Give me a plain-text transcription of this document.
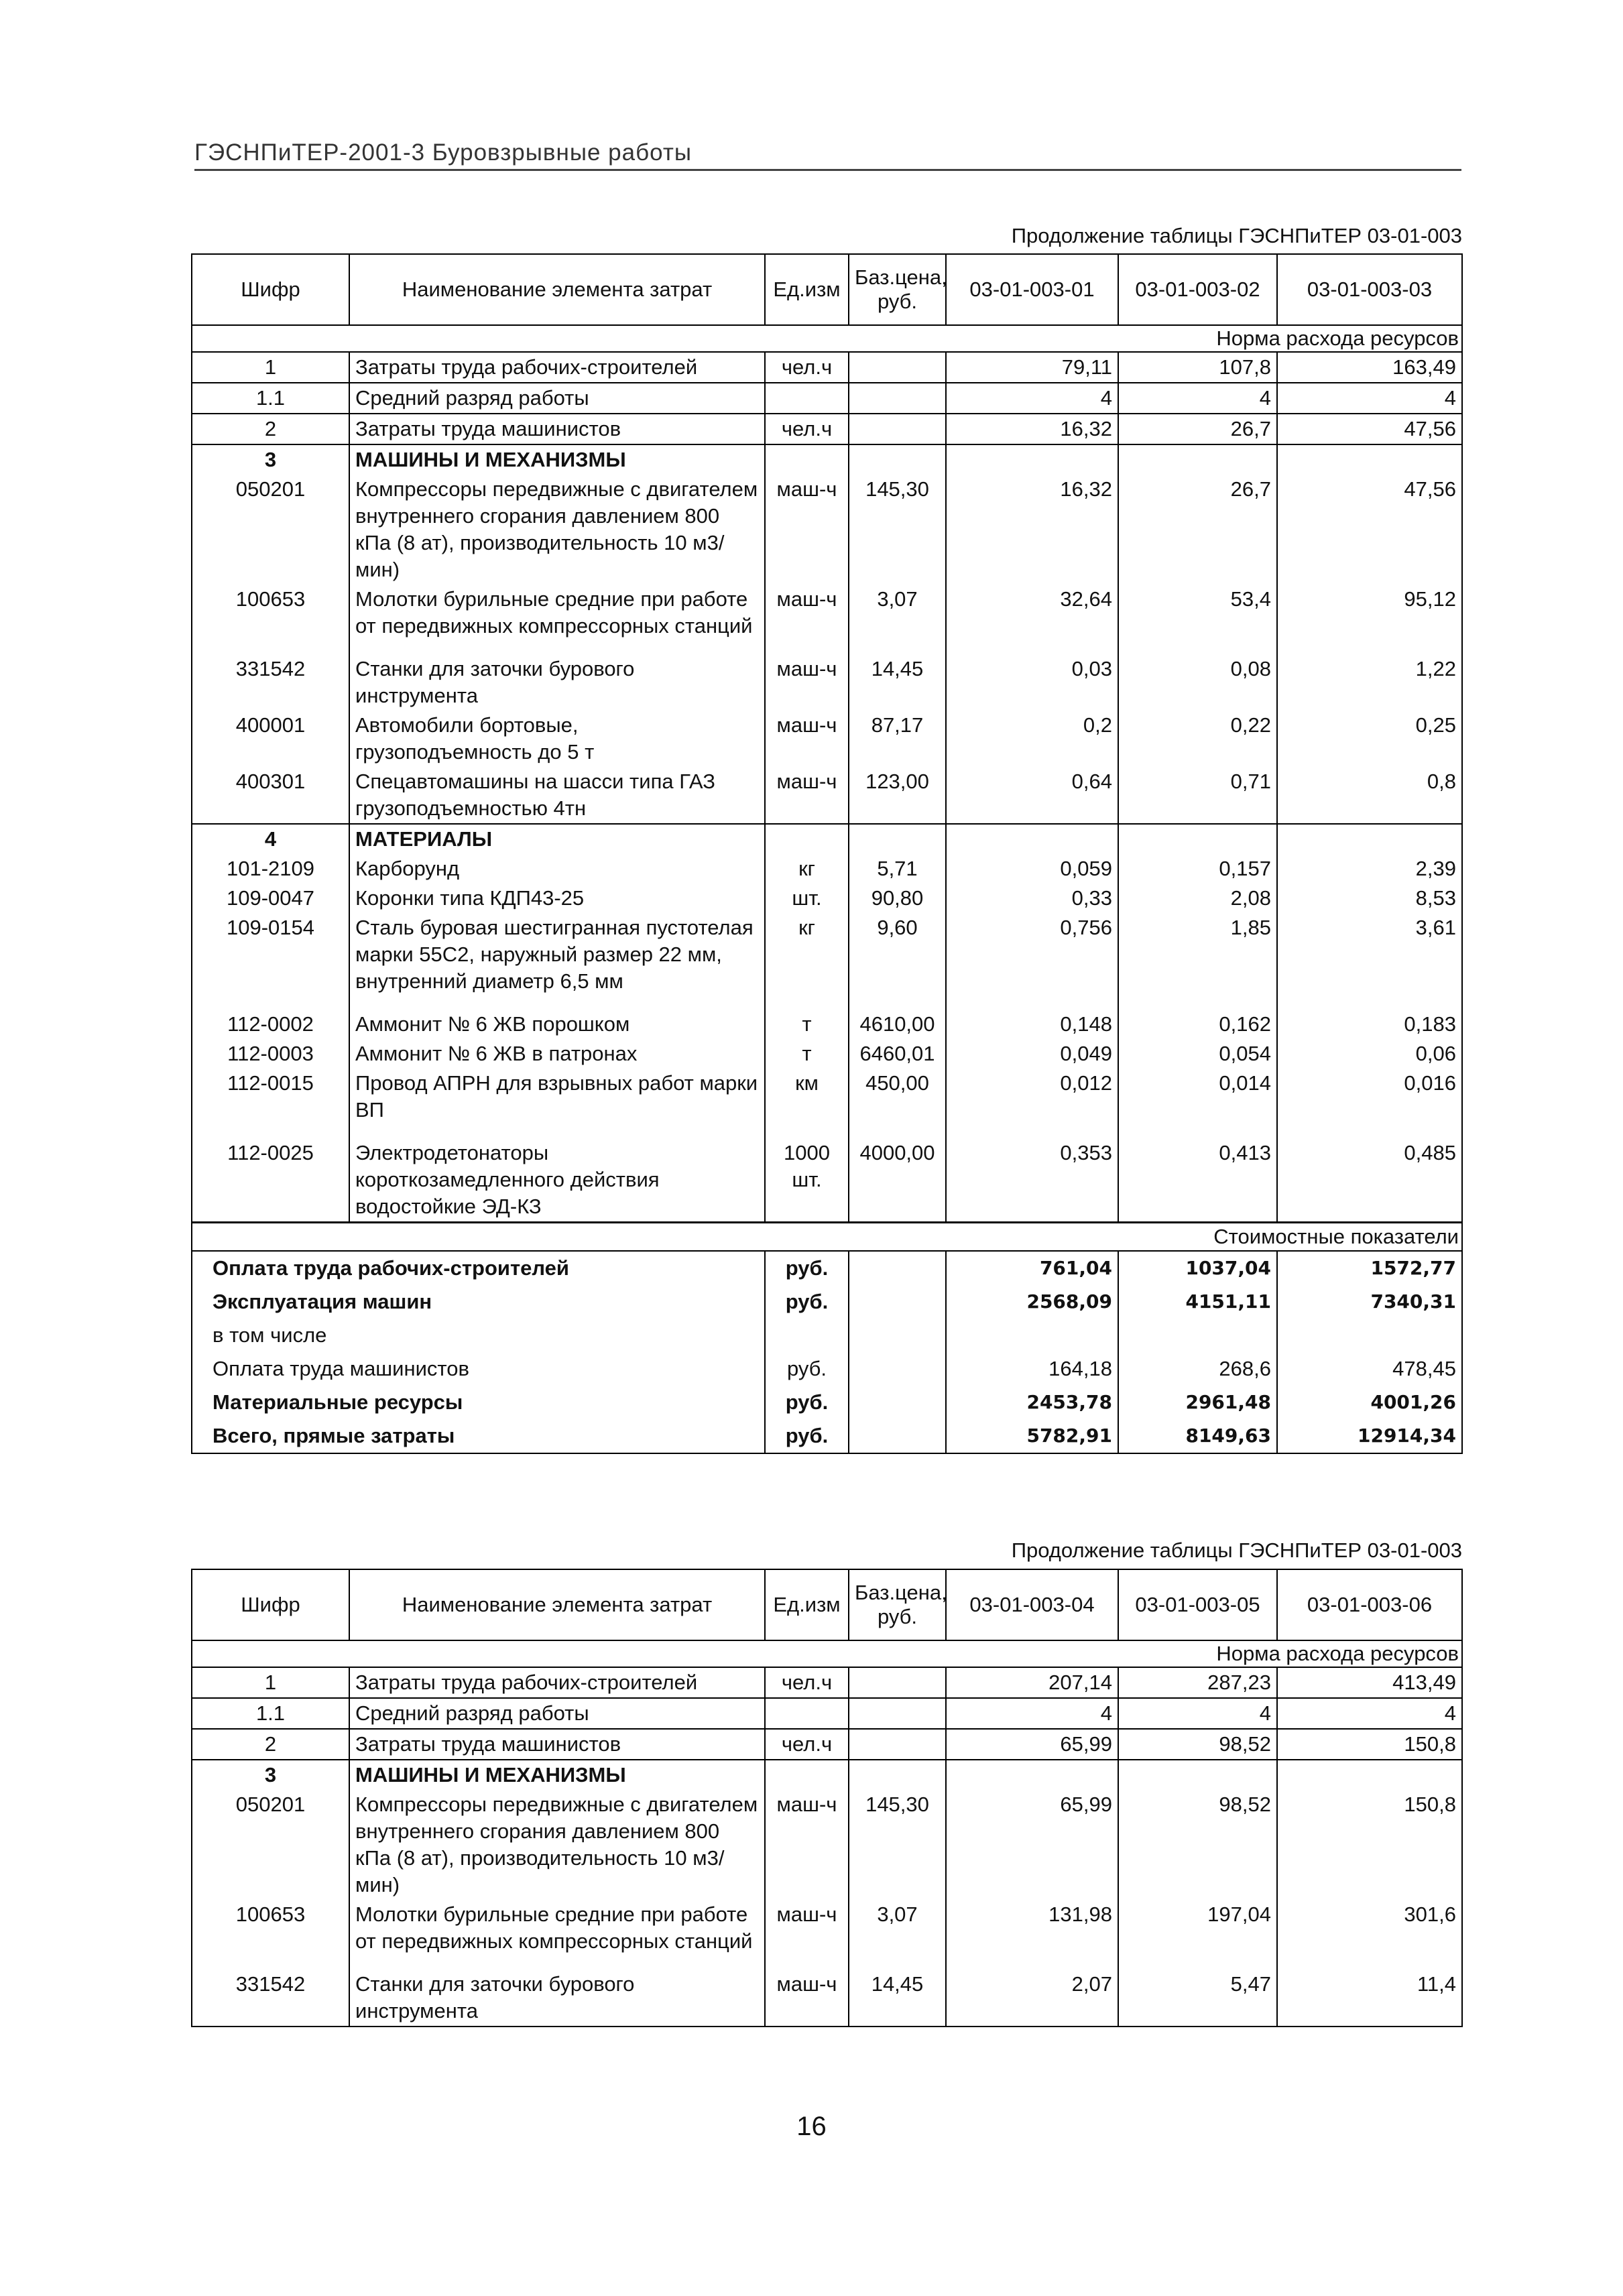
ГЭСНПиТЕР-2001-3 Буровзрывные работы
Продолжение таблицы ГЭСНПиТЕР 03-01-003
Шифр	Наименование элемента затрат	Ед.изм	Баз.цена, руб.	03-01-003-01	03-01-003-02	03-01-003-03
Норма расхода ресурсов						
1	Затраты труда рабочих-строителей	чел.ч		79,11	107,8	163,49
1.1	Средний разряд работы			4	4	4
2	Затраты труда машинистов	чел.ч		16,32	26,7	47,56
3	МАШИНЫ И МЕХАНИЗМЫ					
050201	Компрессоры передвижные с двигателем внутреннего сгорания давлением 800 кПа (8 ат), производительность 10 м3/мин)	маш-ч	145,30	16,32	26,7	47,56
100653	Молотки бурильные средние при работе от передвижных компрессорных станций	маш-ч	3,07	32,64	53,4	95,12
331542	Станки для заточки бурового инструмента	маш-ч	14,45	0,03	0,08	1,22
400001	Автомобили бортовые, грузоподъемность до 5 т	маш-ч	87,17	0,2	0,22	0,25
400301	Спецавтомашины на шасси типа ГАЗ грузоподъемностью 4тн	маш-ч	123,00	0,64	0,71	0,8
4	МАТЕРИАЛЫ					
101-2109	Карборунд	кг	5,71	0,059	0,157	2,39
109-0047	Коронки типа КДП43-25	шт.	90,80	0,33	2,08	8,53
109-0154	Сталь буровая шестигранная пустотелая марки 55С2, наружный размер 22 мм, внутренний диаметр 6,5 мм	кг	9,60	0,756	1,85	3,61
112-0002	Аммонит № 6 ЖВ порошком	т	4610,00	0,148	0,162	0,183
112-0003	Аммонит № 6 ЖВ в патронах	т	6460,01	0,049	0,054	0,06
112-0015	Провод АПРН для взрывных работ марки ВП	км	450,00	0,012	0,014	0,016
112-0025	Электродетонаторы короткозамедленного действия водостойкие ЭД-КЗ	1000 шт.	4000,00	0,353	0,413	0,485
Стоимостные показатели						
Оплата труда рабочих-строителей		руб.		761,04	1037,04	1572,77
Эксплуатация машин		руб.		2568,09	4151,11	7340,31
в том числе						
Оплата труда машинистов		руб.		164,18	268,6	478,45
Материальные ресурсы		руб.		2453,78	2961,48	4001,26
Всего, прямые затраты		руб.		5782,91	8149,63	12914,34
Продолжение таблицы ГЭСНПиТЕР 03-01-003
Шифр	Наименование элемента затрат	Ед.изм	Баз.цена, руб.	03-01-003-04	03-01-003-05	03-01-003-06
Норма расхода ресурсов						
1	Затраты труда рабочих-строителей	чел.ч		207,14	287,23	413,49
1.1	Средний разряд работы			4	4	4
2	Затраты труда машинистов	чел.ч		65,99	98,52	150,8
3	МАШИНЫ И МЕХАНИЗМЫ					
050201	Компрессоры передвижные с двигателем внутреннего сгорания давлением 800 кПа (8 ат), производительность 10 м3/мин)	маш-ч	145,30	65,99	98,52	150,8
100653	Молотки бурильные средние при работе от передвижных компрессорных станций	маш-ч	3,07	131,98	197,04	301,6
331542	Станки для заточки бурового инструмента	маш-ч	14,45	2,07	5,47	11,4
16
